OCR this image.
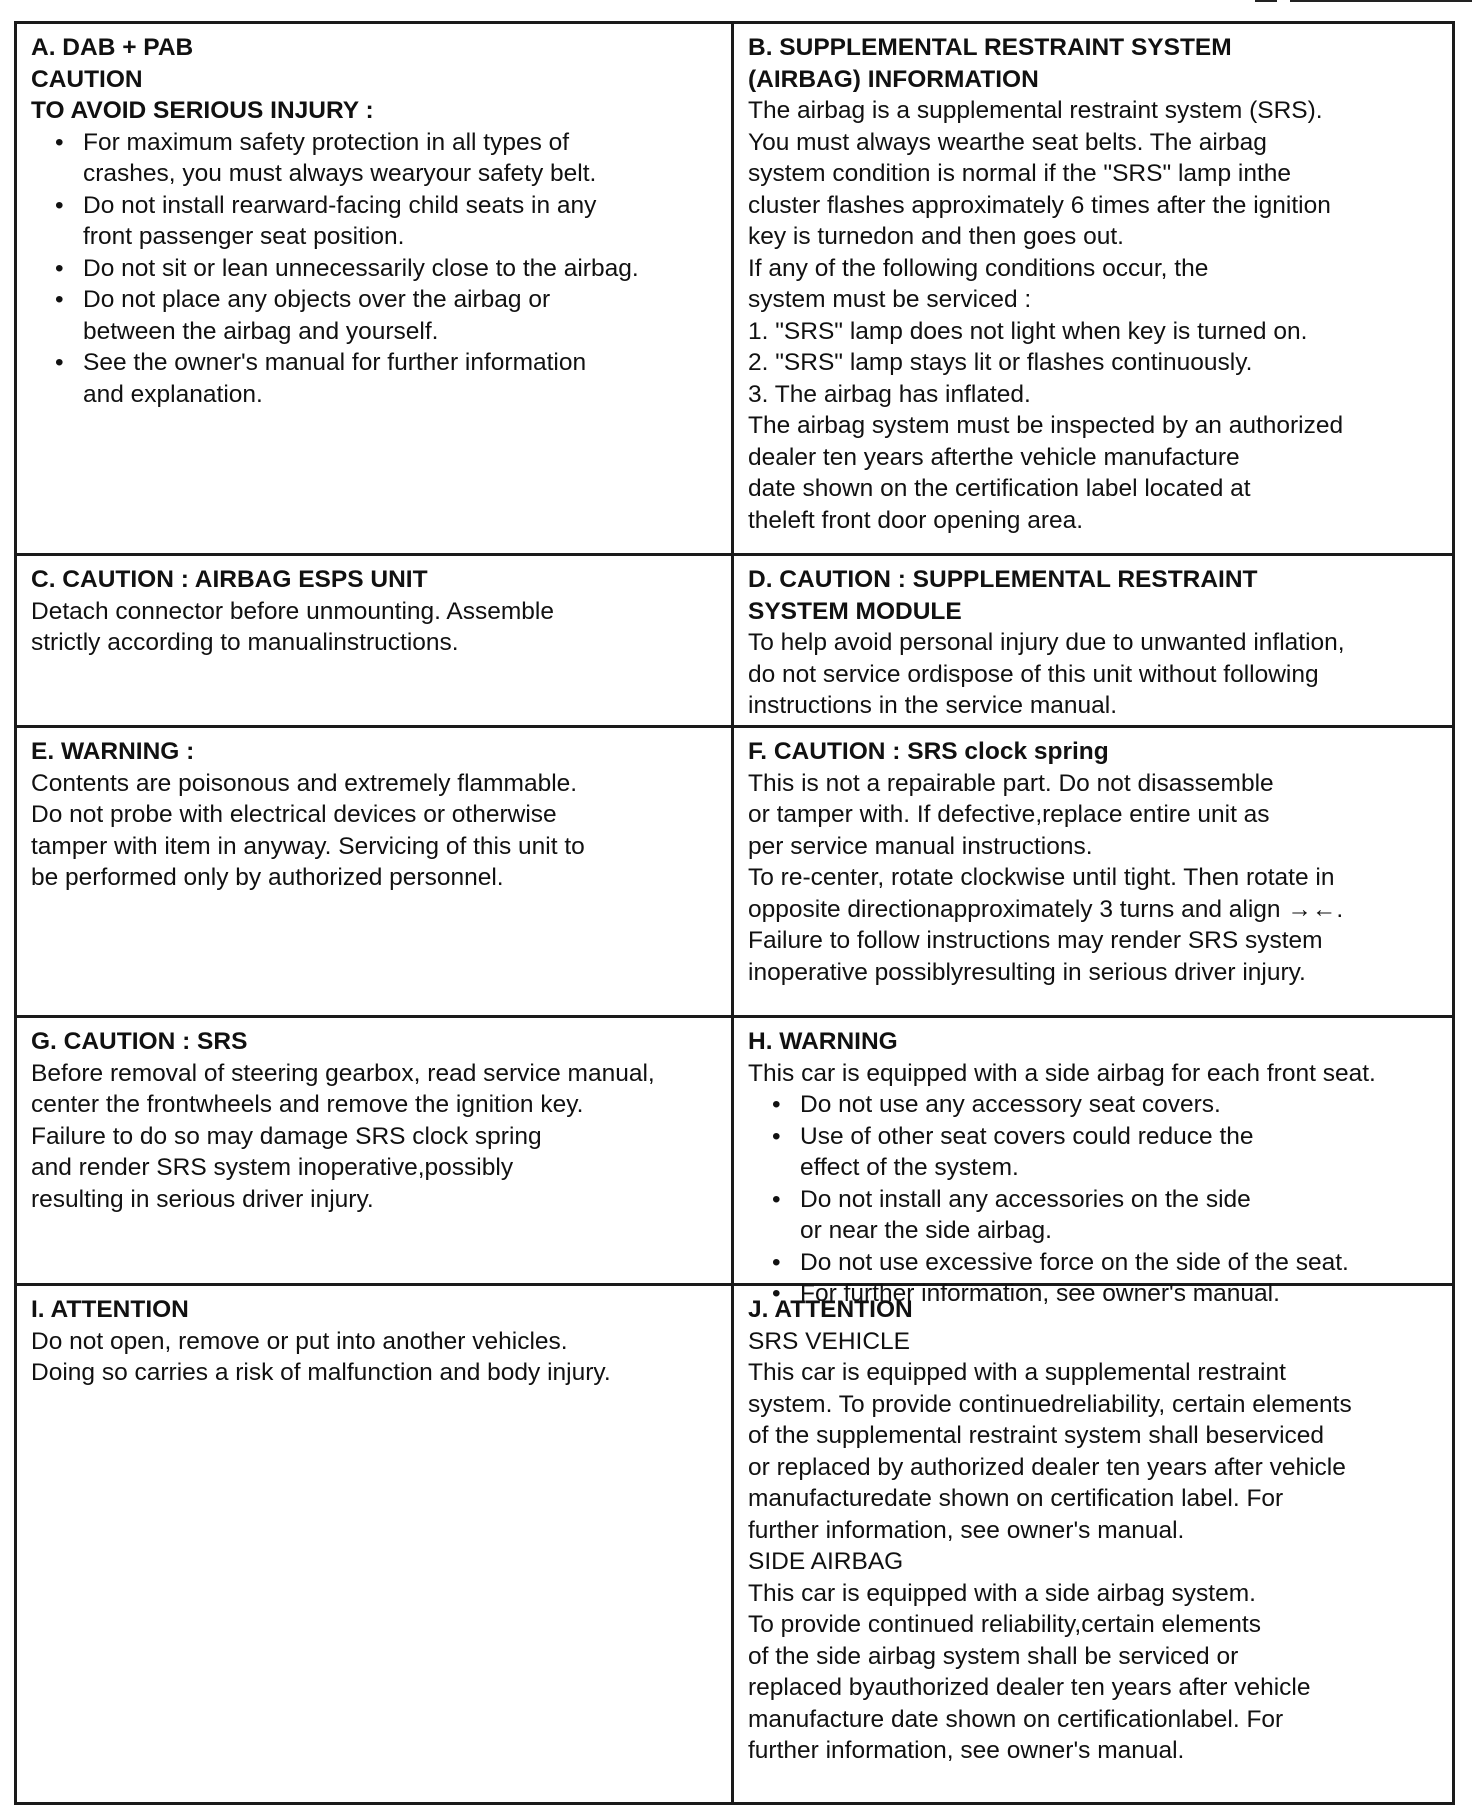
A. DAB + PAB
CAUTION
TO AVOID SERIOUS INJURY :
• For maximum safety protection in all types of
crashes, you must always wearyour safety belt.
• Do not install rearward-facing child seats in any
front passenger seat position.
• Do not sit or lean unnecessarily close to the airbag.
• Do not place any objects over the airbag or
between the airbag and yourself.
• See the owner's manual for further information
and explanation.
B. SUPPLEMENTAL RESTRAINT SYSTEM
(AIRBAG) INFORMATION
The airbag is a supplemental restraint system (SRS).
You must always wearthe seat belts. The airbag
system condition is normal if the "SRS" lamp inthe
cluster flashes approximately 6 times after the ignition
key is turnedon and then goes out.
If any of the following conditions occur, the
system must be serviced :
1. "SRS" lamp does not light when key is turned on.
2. "SRS" lamp stays lit or flashes continuously.
3. The airbag has inflated.
The airbag system must be inspected by an authorized
dealer ten years afterthe vehicle manufacture
date shown on the certification label located at
theleft front door opening area.
C. CAUTION : AIRBAG ESPS UNIT
Detach connector before unmounting. Assemble
strictly according to manualinstructions.
D. CAUTION : SUPPLEMENTAL RESTRAINT
SYSTEM MODULE
To help avoid personal injury due to unwanted inflation,
do not service ordispose of this unit without following
instructions in the service manual.
E. WARNING :
Contents are poisonous and extremely flammable.
Do not probe with electrical devices or otherwise
tamper with item in anyway. Servicing of this unit to
be performed only by authorized personnel.
F. CAUTION : SRS clock spring
This is not a repairable part. Do not disassemble
or tamper with. If defective,replace entire unit as
per service manual instructions.
To re-center, rotate clockwise until tight. Then rotate in
opposite directionapproximately 3 turns and align →←.
Failure to follow instructions may render SRS system
inoperative possiblyresulting in serious driver injury.
G. CAUTION : SRS
Before removal of steering gearbox, read service manual,
center the frontwheels and remove the ignition key.
Failure to do so may damage SRS clock spring
and render SRS system inoperative,possibly
resulting in serious driver injury.
H. WARNING
This car is equipped with a side airbag for each front seat.
• Do not use any accessory seat covers.
• Use of other seat covers could reduce the
effect of the system.
• Do not install any accessories on the side
or near the side airbag.
• Do not use excessive force on the side of the seat.
• For further information, see owner's manual.
I. ATTENTION
Do not open, remove or put into another vehicles.
Doing so carries a risk of malfunction and body injury.
J. ATTENTION
SRS VEHICLE
This car is equipped with a supplemental restraint
system. To provide continuedreliability, certain elements
of the supplemental restraint system shall beserviced
or replaced by authorized dealer ten years after vehicle
manufacturedate shown on certification label. For
further information, see owner's manual.
SIDE AIRBAG
This car is equipped with a side airbag system.
To provide continued reliability,certain elements
of the side airbag system shall be serviced or
replaced byauthorized dealer ten years after vehicle
manufacture date shown on certificationlabel. For
further information, see owner's manual.
